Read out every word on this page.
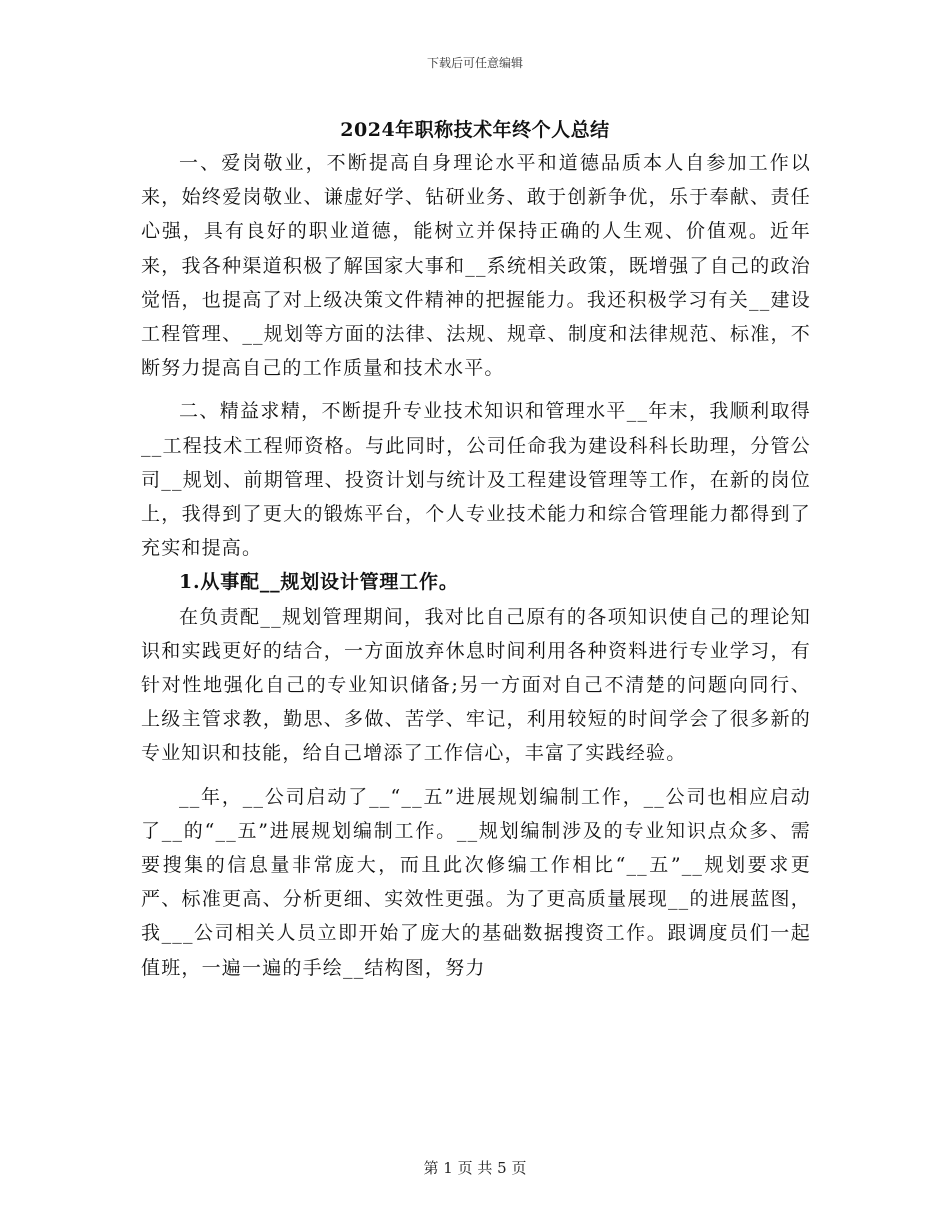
下载后可任意编辑
2024年职称技术年终个人总结

一、爱岗敬业，不断提高自身理论水平和道德品质本人自参加工作以来，始终爱岗敬业、谦虚好学、钻研业务、敢于创新争优，乐于奉献、责任心强，具有良好的职业道德，能树立并保持正确的人生观、价值观。近年来，我各种渠道积极了解国家大事和__系统相关政策，既增强了自己的政治觉悟，也提高了对上级决策文件精神的把握能力。我还积极学习有关__建设工程管理、__规划等方面的法律、法规、规章、制度和法律规范、标准，不断努力提高自己的工作质量和技术水平。

二、精益求精，不断提升专业技术知识和管理水平__年末，我顺利取得__工程技术工程师资格。与此同时，公司任命我为建设科科长助理，分管公司__规划、前期管理、投资计划与统计及工程建设管理等工作，在新的岗位上，我得到了更大的锻炼平台，个人专业技术能力和综合管理能力都得到了充实和提高。

1.从事配__规划设计管理工作。

在负责配__规划管理期间，我对比自己原有的各项知识使自己的理论知识和实践更好的结合，一方面放弃休息时间利用各种资料进行专业学习，有针对性地强化自己的专业知识储备;另一方面对自己不清楚的问题向同行、上级主管求教，勤思、多做、苦学、牢记，利用较短的时间学会了很多新的专业知识和技能，给自己增添了工作信心，丰富了实践经验。

__年，__公司启动了__“__五”进展规划编制工作，__公司也相应启动了__的“__五”进展规划编制工作。__规划编制涉及的专业知识点众多、需要搜集的信息量非常庞大，而且此次修编工作相比“__五”__规划要求更严、标准更高、分析更细、实效性更强。为了更高质量展现__的进展蓝图，我___公司相关人员立即开始了庞大的基础数据搜资工作。跟调度员们一起值班，一遍一遍的手绘__结构图，努力

第 1 页 共 5 页
